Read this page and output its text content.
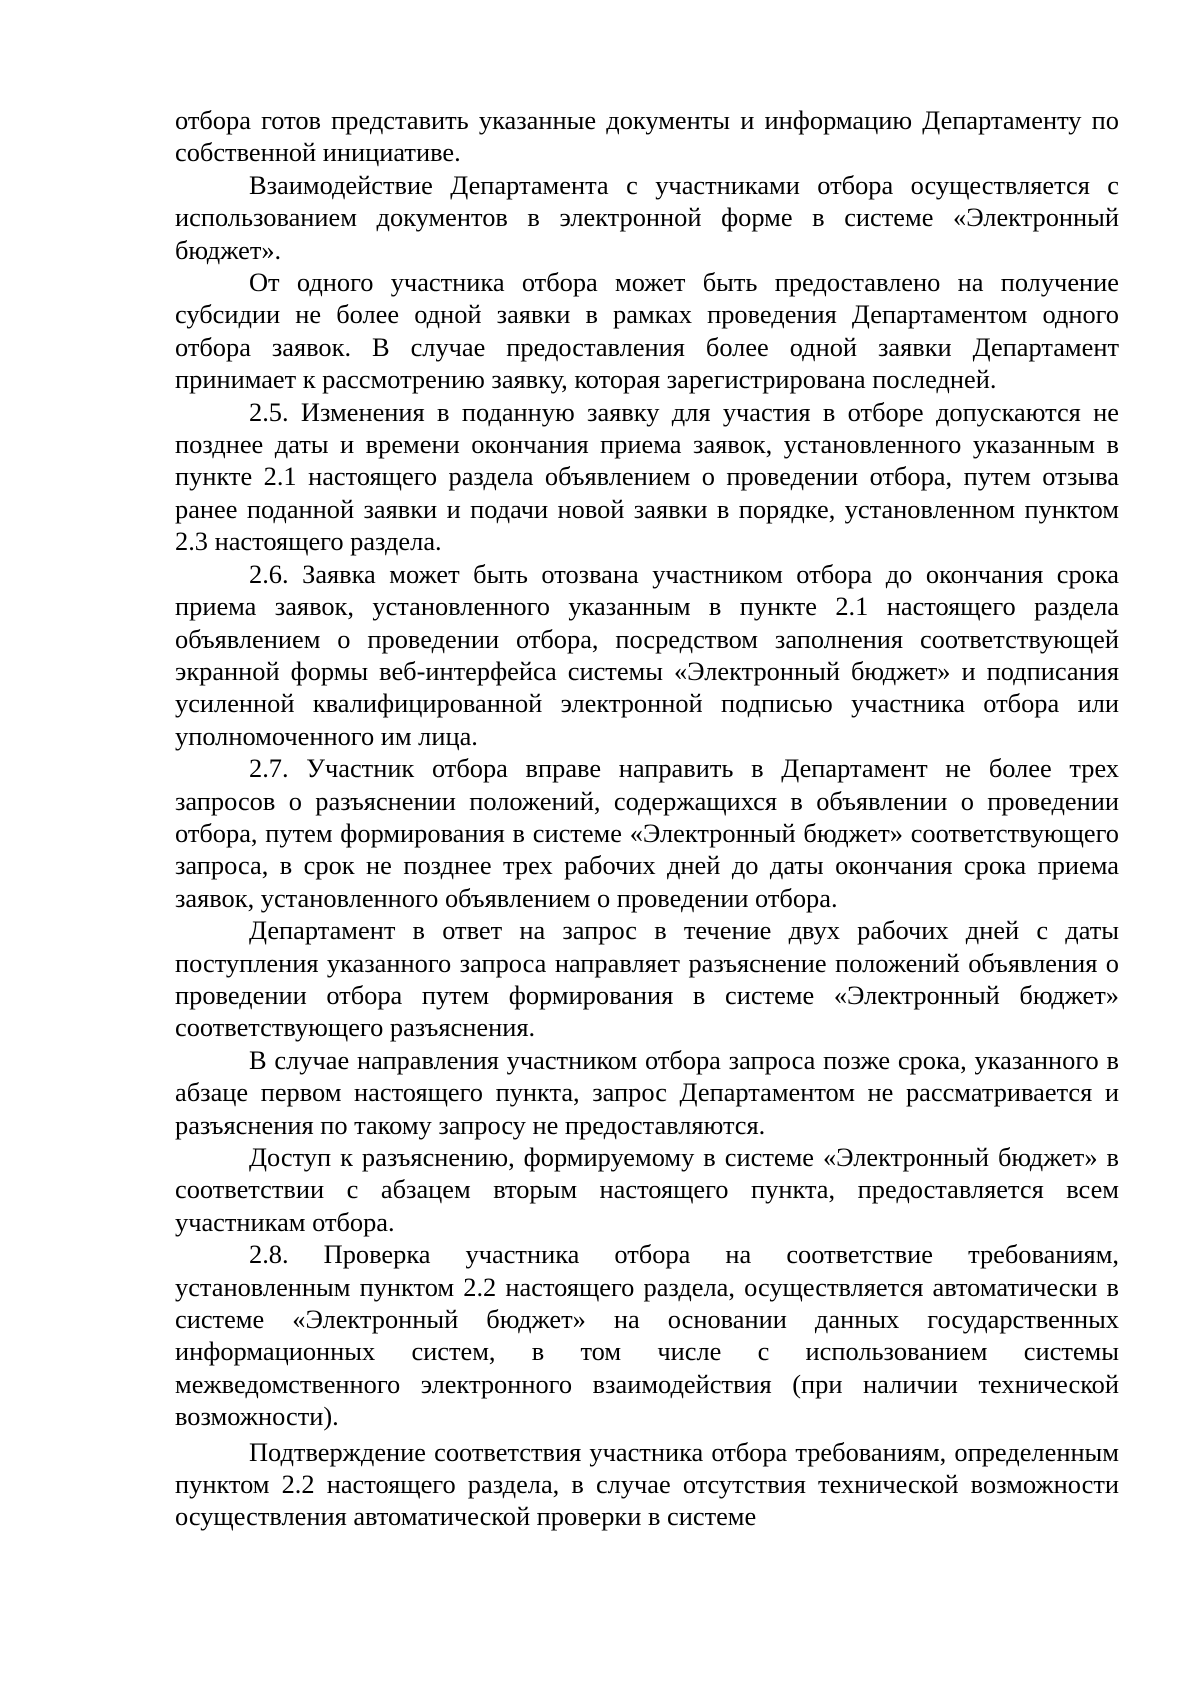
отбора готов представить указанные документы и информацию Департаменту по собственной инициативе.

Взаимодействие Департамента с участниками отбора осуществляется с использованием документов в электронной форме в системе «Электронный бюджет».

От одного участника отбора может быть предоставлено на получение субсидии не более одной заявки в рамках проведения Департаментом одного отбора заявок. В случае предоставления более одной заявки Департамент принимает к рассмотрению заявку, которая зарегистрирована последней.

2.5. Изменения в поданную заявку для участия в отборе допускаются не позднее даты и времени окончания приема заявок, установленного указанным в пункте 2.1 настоящего раздела объявлением о проведении отбора, путем отзыва ранее поданной заявки и подачи новой заявки в порядке, установленном пунктом 2.3 настоящего раздела.

2.6. Заявка может быть отозвана участником отбора до окончания срока приема заявок, установленного указанным в пункте 2.1 настоящего раздела объявлением о проведении отбора, посредством заполнения соответствующей экранной формы веб-интерфейса системы «Электронный бюджет» и подписания усиленной квалифицированной электронной подписью участника отбора или уполномоченного им лица.

2.7. Участник отбора вправе направить в Департамент не более трех запросов о разъяснении положений, содержащихся в объявлении о проведении отбора, путем формирования в системе «Электронный бюджет» соответствующего запроса, в срок не позднее трех рабочих дней до даты окончания срока приема заявок, установленного объявлением о проведении отбора.

Департамент в ответ на запрос в течение двух рабочих дней с даты поступления указанного запроса направляет разъяснение положений объявления о проведении отбора путем формирования в системе «Электронный бюджет» соответствующего разъяснения.

В случае направления участником отбора запроса позже срока, указанного в абзаце первом настоящего пункта, запрос Департаментом не рассматривается и разъяснения по такому запросу не предоставляются.

Доступ к разъяснению, формируемому в системе «Электронный бюджет» в соответствии с абзацем вторым настоящего пункта, предоставляется всем участникам отбора.

2.8. Проверка участника отбора на соответствие требованиям, установленным пунктом 2.2 настоящего раздела, осуществляется автоматически в системе «Электронный бюджет» на основании данных государственных информационных систем, в том числе с использованием системы межведомственного электронного взаимодействия (при наличии технической возможности).

Подтверждение соответствия участника отбора требованиям, определенным пунктом 2.2 настоящего раздела, в случае отсутствия технической возможности осуществления автоматической проверки в системе
